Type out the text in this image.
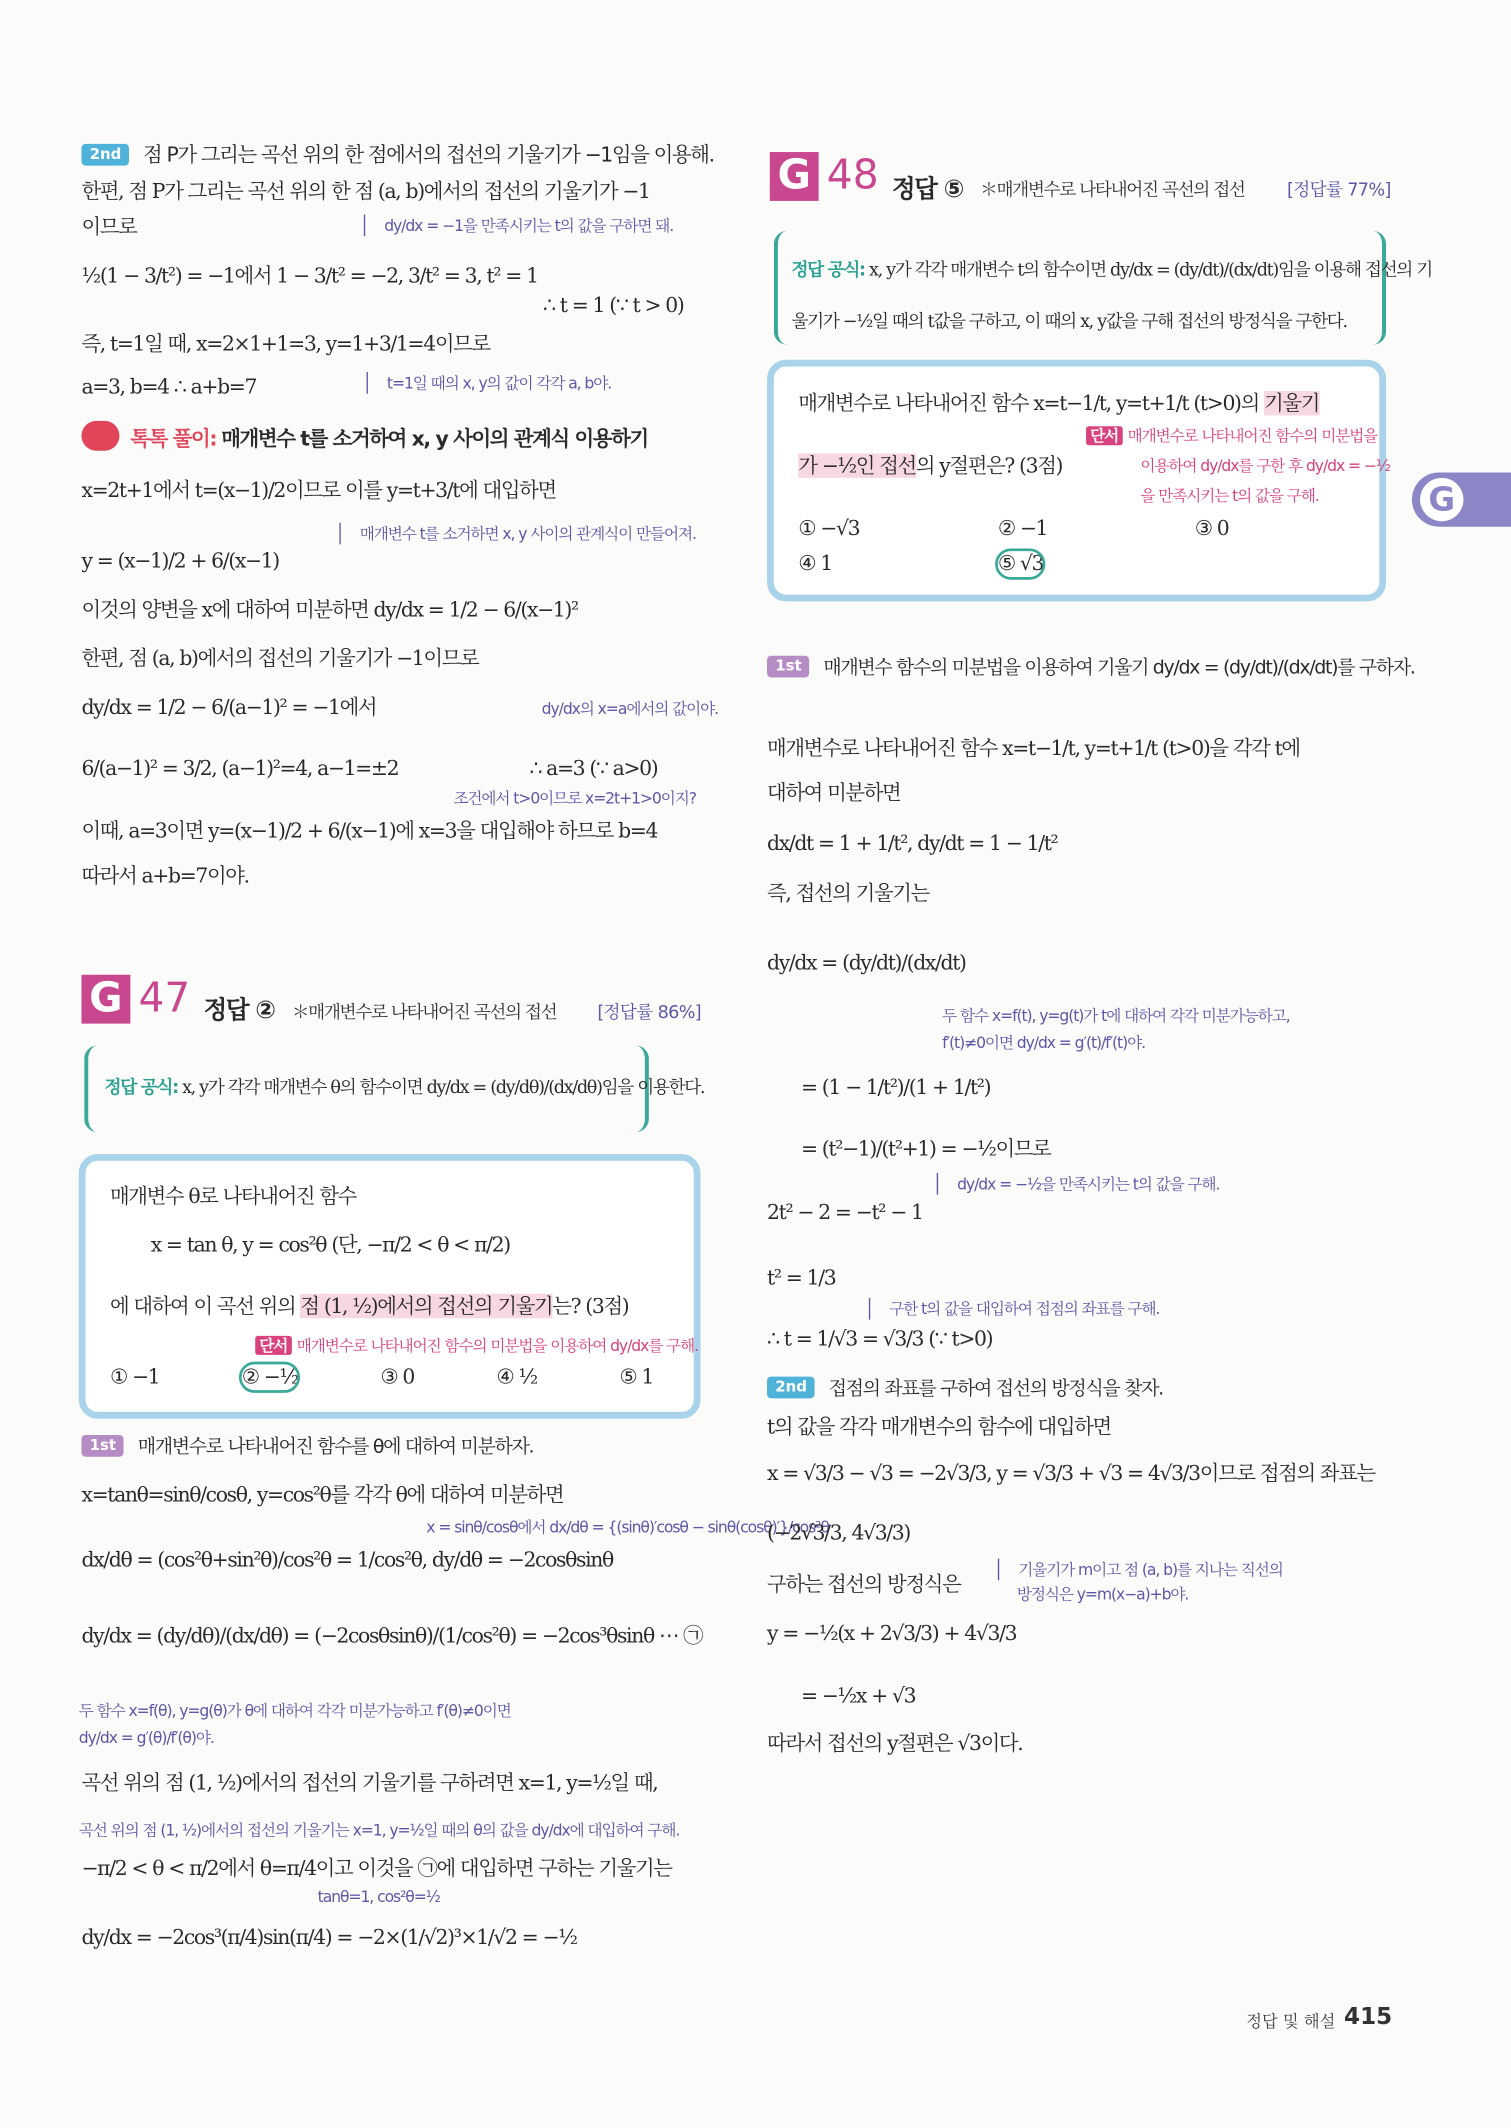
2nd 점 P가 그리는 곡선 위의 한 점에서의 접선의 기울기가 −1임을 이용해.
한편, 점 P가 그리는 곡선 위의 한 점 (a, b)에서의 접선의 기울기가 −1
dy/dx = −1을 만족시키는 t의 값을 구하면 돼.
이므로
½(1 − 3/t²) = −1에서 1 − 3/t² = −2, 3/t² = 3, t² = 1
∴ t = 1 (∵ t > 0)
즉, t=1일 때, x=2×1+1=3, y=1+3/1=4이므로
a=3, b=4 ∴ a+b=7	t=1일 때의 x, y의 값이 각각 a, b야.
톡톡 풀이: 매개변수 t를 소거하여 x, y 사이의 관계식 이용하기
x=2t+1에서 t=(x−1)/2이므로 이를 y=t+3/t에 대입하면
매개변수 t를 소거하면 x, y 사이의 관계식이 만들어져.
y = (x−1)/2 + 6/(x−1)
이것의 양변을 x에 대하여 미분하면 dy/dx = 1/2 − 6/(x−1)²
한편, 점 (a, b)에서의 접선의 기울기가 −1이므로
dy/dx = 1/2 − 6/(a−1)² = −1에서	dy/dx의 x=a에서의 값이야.
6/(a−1)² = 3/2, (a−1)²=4, a−1=±2	∴ a=3 (∵ a>0)
조건에서 t>0이므로 x=2t+1>0이지?
이때, a=3이면 y=(x−1)/2 + 6/(x−1)에 x=3을 대입해야 하므로 b=4
따라서 a+b=7이야.
G 47 정답 ② ＊매개변수로 나타내어진 곡선의 접선	[정답률 86%]
정답 공식: x, y가 각각 매개변수 θ의 함수이면 dy/dx = (dy/dθ)/(dx/dθ)임을 이용한다.
매개변수 θ로 나타내어진 함수
x = tan θ, y = cos²θ (단, −π/2 < θ < π/2)
에 대하여 이 곡선 위의 점 (1, ½)에서의 접선의 기울기는? (3점)
단서 매개변수로 나타내어진 함수의 미분법을 이용하여 dy/dx를 구해.
① −1	② −½	③ 0	④ ½	⑤ 1
1st 매개변수로 나타내어진 함수를 θ에 대하여 미분하자.
x=tanθ=sinθ/cosθ, y=cos²θ를 각각 θ에 대하여 미분하면
x = sinθ/cosθ에서 dx/dθ = {(sinθ)′cosθ − sinθ(cosθ)′}/cos²θ
dx/dθ = (cos²θ+sin²θ)/cos²θ = 1/cos²θ, dy/dθ = −2cosθsinθ
dy/dx = (dy/dθ)/(dx/dθ) = (−2cosθsinθ)/(1/cos²θ) = −2cos³θsinθ ⋯ ㉠
두 함수 x=f(θ), y=g(θ)가 θ에 대하여 각각 미분가능하고 f′(θ)≠0이면
dy/dx = g′(θ)/f′(θ)야.
곡선 위의 점 (1, ½)에서의 접선의 기울기를 구하려면 x=1, y=½일 때,
곡선 위의 점 (1, ½)에서의 접선의 기울기는 x=1, y=½일 때의 θ의 값을 dy/dx에 대입하여 구해.
−π/2 < θ < π/2에서 θ=π/4이고 이것을 ㉠에 대입하면 구하는 기울기는
tanθ=1, cos²θ=½
dy/dx = −2cos³(π/4)sin(π/4) = −2×(1/√2)³×1/√2 = −½
G 48 정답 ⑤ ＊매개변수로 나타내어진 곡선의 접선	[정답률 77%]
정답 공식: x, y가 각각 매개변수 t의 함수이면 dy/dx = (dy/dt)/(dx/dt)임을 이용해 접선의 기
울기가 −½일 때의 t값을 구하고, 이 때의 x, y값을 구해 접선의 방정식을 구한다.
매개변수로 나타내어진 함수 x=t−1/t, y=t+1/t (t>0)의 기울기
가 −½인 접선의 y절편은? (3점)
단서 매개변수로 나타내어진 함수의 미분법을
이용하여 dy/dx를 구한 후 dy/dx = −½
을 만족시키는 t의 값을 구해.
① −√3	② −1	③ 0
④ 1	⑤ √3
1st 매개변수 함수의 미분법을 이용하여 기울기 dy/dx = (dy/dt)/(dx/dt)를 구하자.
매개변수로 나타내어진 함수 x=t−1/t, y=t+1/t (t>0)을 각각 t에
대하여 미분하면
dx/dt = 1 + 1/t², dy/dt = 1 − 1/t²
즉, 접선의 기울기는
dy/dx = (dy/dt)/(dx/dt)
두 함수 x=f(t), y=g(t)가 t에 대하여 각각 미분가능하고,
f′(t)≠0이면 dy/dx = g′(t)/f′(t)야.
= (1 − 1/t²)/(1 + 1/t²)
= (t²−1)/(t²+1) = −½이므로
dy/dx = −½을 만족시키는 t의 값을 구해.
2t² − 2 = −t² − 1
t² = 1/3
구한 t의 값을 대입하여 접점의 좌표를 구해.
∴ t = 1/√3 = √3/3 (∵ t>0)
2nd 접점의 좌표를 구하여 접선의 방정식을 찾자.
t의 값을 각각 매개변수의 함수에 대입하면
x = √3/3 − √3 = −2√3/3, y = √3/3 + √3 = 4√3/3이므로 접점의 좌표는
(−2√3/3, 4√3/3)
구하는 접선의 방정식은
기울기가 m이고 점 (a, b)를 지나는 직선의
방정식은 y=m(x−a)+b야.
y = −½(x + 2√3/3) + 4√3/3
= −½x + √3
따라서 접선의 y절편은 √3이다.
G
정답 및 해설 415
